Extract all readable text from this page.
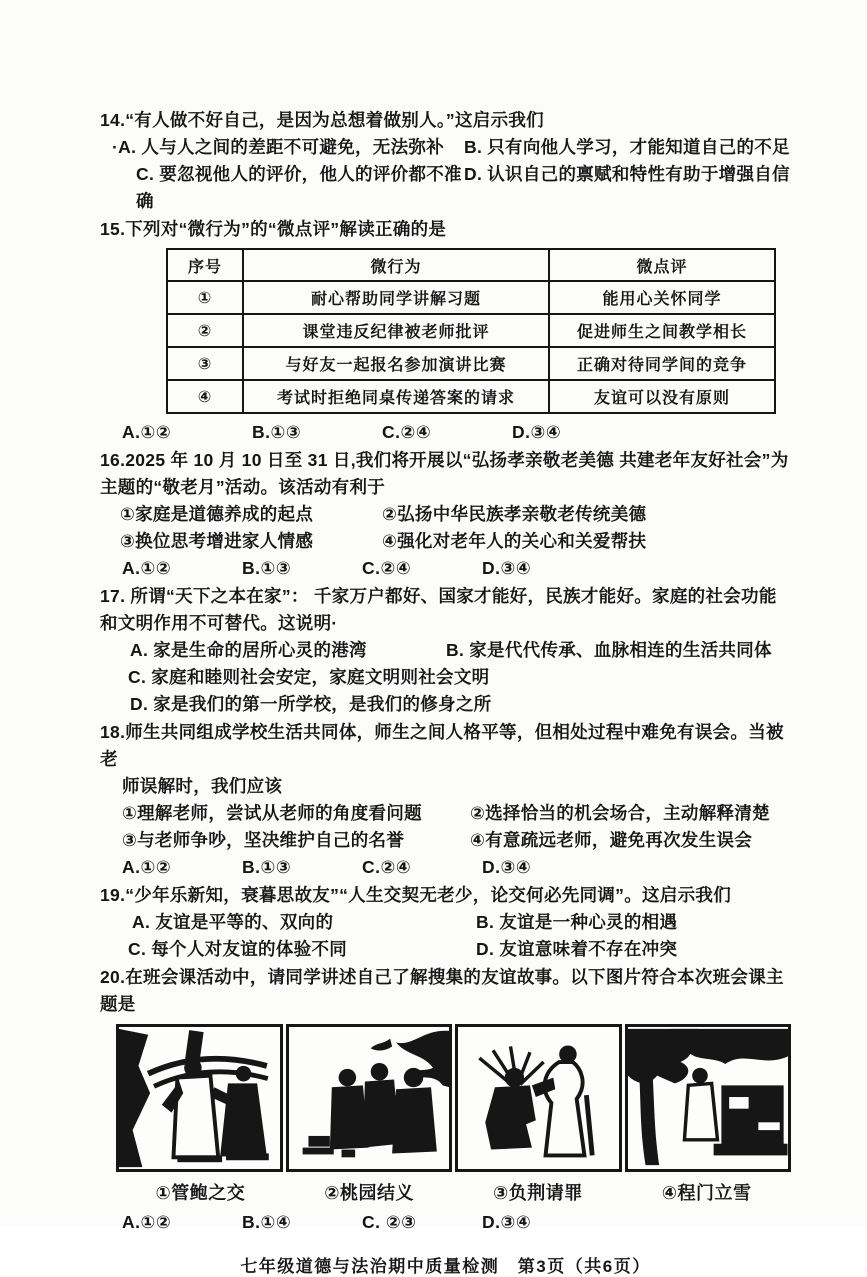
14.“有人做不好自己，是因为总想着做别人。”这启示我们
·A. 人与人之间的差距不可避免，无法弥补	B. 只有向他人学习，才能知道自己的不足
C. 要忽视他人的评价，他人的评价都不准确
D. 认识自己的禀赋和特性有助于增强自信
15.下列对“微行为”的“微点评”解读正确的是
序号	微行为	微点评
①	耐心帮助同学讲解习题	能用心关怀同学
②	课堂违反纪律被老师批评	促进师生之间教学相长
③	与好友一起报名参加演讲比赛	正确对待同学间的竞争
④	考试时拒绝同桌传递答案的请求	友谊可以没有原则
A.①②	B.①③	C.②④	D.③④
16.2025 年 10 月 10 日至 31 日,我们将开展以“弘扬孝亲敬老美德 共建老年友好社会”为
主题的“敬老月”活动。该活动有利于
①家庭是道德养成的起点	②弘扬中华民族孝亲敬老传统美德
③换位思考增进家人情感	④强化对老年人的关心和关爱帮扶
A.①②	B.①③	C.②④	D.③④
17. 所谓“天下之本在家”： 千家万户都好、国家才能好，民族才能好。家庭的社会功能
和文明作用不可替代。这说明·
A. 家是生命的居所心灵的港湾	B. 家是代代传承、血脉相连的生活共同体
C. 家庭和睦则社会安定，家庭文明则社会文明
D. 家是我们的第一所学校，是我们的修身之所
18.师生共同组成学校生活共同体，师生之间人格平等，但相处过程中难免有误会。当被老
师误解时，我们应该
①理解老师，尝试从老师的角度看问题	②选择恰当的机会场合，主动解释清楚
③与老师争吵，坚决维护自己的名誉	④有意疏远老师，避免再次发生误会
A.①②	B.①③	C.②④	D.③④
19.“少年乐新知，衰暮思故友”“人生交契无老少，论交何必先同调”。这启示我们
A. 友谊是平等的、双向的	B. 友谊是一种心灵的相遇
C. 每个人对友谊的体验不同	D. 友谊意味着不存在冲突
20.在班会课活动中，请同学讲述自己了解搜集的友谊故事。以下图片符合本次班会课主题是
①管鲍之交	②桃园结义	③负荆请罪	④程门立雪
A.①②	B.①④	C. ②③	D.③④
七年级道德与法治期中质量检测　第3页（共6页）
